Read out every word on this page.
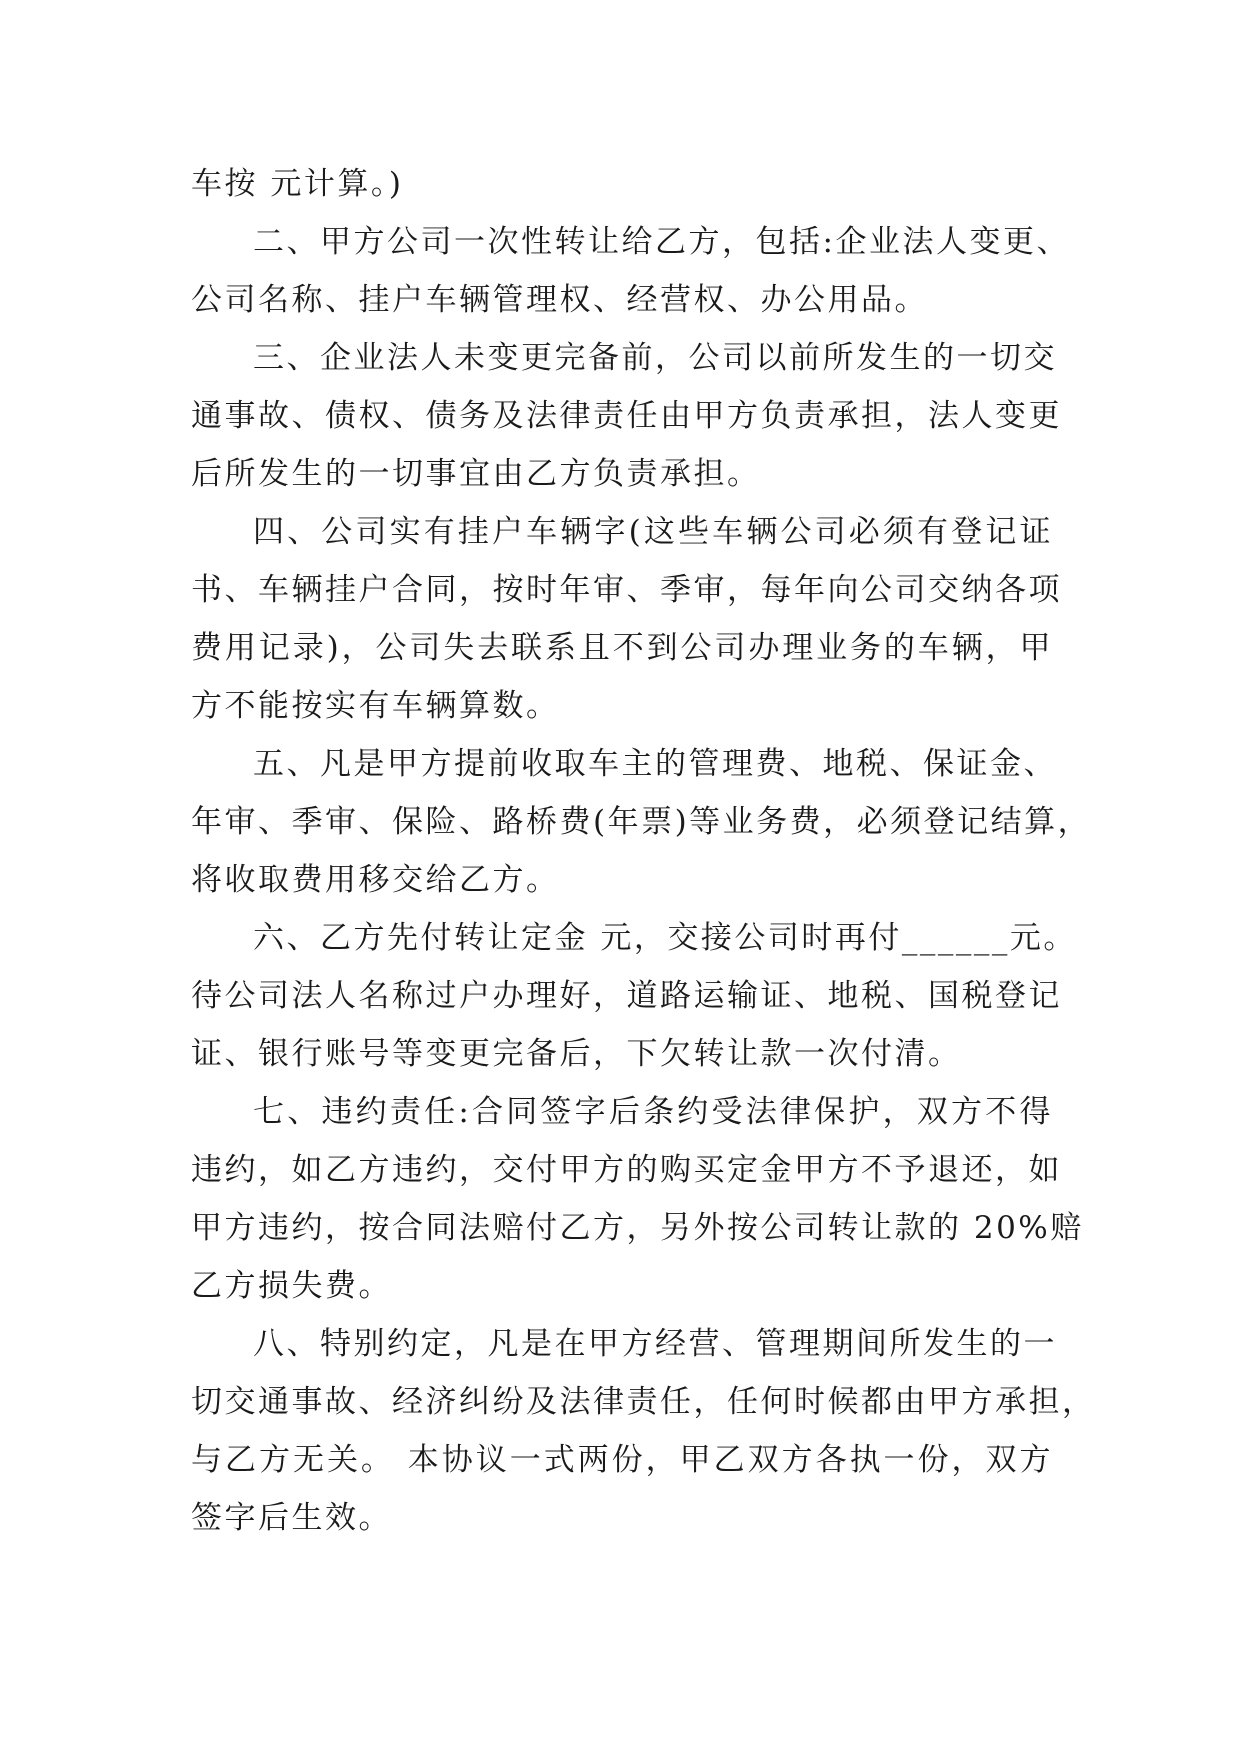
车按 元计算。)
二、甲方公司一次性转让给乙方，包括:企业法人变更、
公司名称、挂户车辆管理权、经营权、办公用品。
三、企业法人未变更完备前，公司以前所发生的一切交
通事故、债权、债务及法律责任由甲方负责承担，法人变更
后所发生的一切事宜由乙方负责承担。
四、公司实有挂户车辆字(这些车辆公司必须有登记证
书、车辆挂户合同，按时年审、季审，每年向公司交纳各项
费用记录)，公司失去联系且不到公司办理业务的车辆，甲
方不能按实有车辆算数。
五、凡是甲方提前收取车主的管理费、地税、保证金、
年审、季审、保险、路桥费(年票)等业务费，必须登记结算，
将收取费用移交给乙方。
六、乙方先付转让定金 元，交接公司时再付______元。
待公司法人名称过户办理好，道路运输证、地税、国税登记
证、银行账号等变更完备后，下欠转让款一次付清。
七、违约责任:合同签字后条约受法律保护，双方不得
违约，如乙方违约，交付甲方的购买定金甲方不予退还，如
甲方违约，按合同法赔付乙方，另外按公司转让款的 20%赔
乙方损失费。
八、特别约定，凡是在甲方经营、管理期间所发生的一
切交通事故、经济纠纷及法律责任，任何时候都由甲方承担，
与乙方无关。 本协议一式两份，甲乙双方各执一份，双方
签字后生效。
